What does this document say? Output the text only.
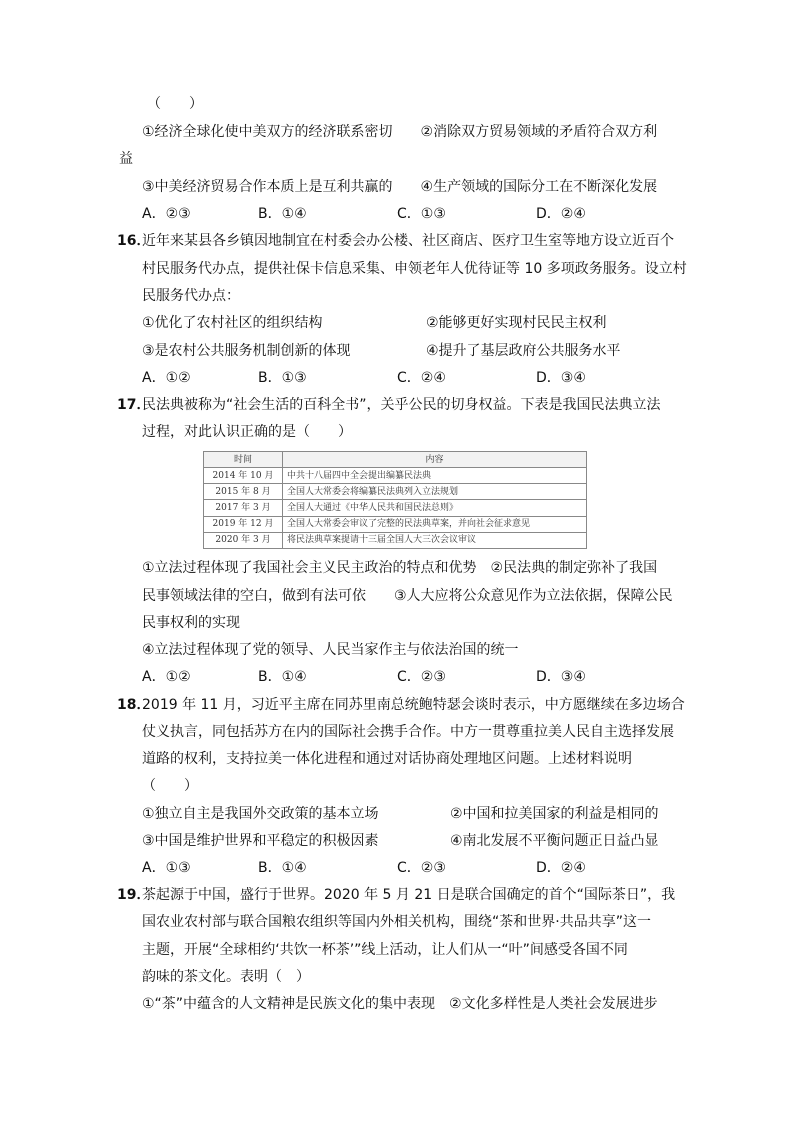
（　　）
①经济全球化使中美双方的经济联系密切　　②消除双方贸易领域的矛盾符合双方利
益
③中美经济贸易合作本质上是互利共赢的　　④生产领域的国际分工在不断深化发展
A．②③	B．①④	C．①③	D．②④
16．
近年来某县各乡镇因地制宜在村委会办公楼、社区商店、医疗卫生室等地方设立近百个
村民服务代办点，提供社保卡信息采集、申领老年人优待证等 10 多项政务服务。设立村
民服务代办点：
①优化了农村社区的组织结构	②能够更好实现村民民主权利
③是农村公共服务机制创新的体现	④提升了基层政府公共服务水平
A．①②	B．①③	C．②④	D．③④
17．
民法典被称为“社会生活的百科全书”，关乎公民的切身权益。下表是我国民法典立法
过程，对此认识正确的是（　　）
时间	内容
2014 年 10 月	中共十八届四中全会提出编纂民法典
2015 年 8 月	全国人大常委会将编纂民法典列入立法规划
2017 年 3 月	全国人大通过《中华人民共和国民法总则》
2019 年 12 月	全国人大常委会审议了完整的民法典草案，并向社会征求意见
2020 年 3 月	将民法典草案提请十三届全国人大三次会议审议
①立法过程体现了我国社会主义民主政治的特点和优势　②民法典的制定弥补了我国
民事领域法律的空白，做到有法可依　　③人大应将公众意见作为立法依据，保障公民
民事权利的实现
④立法过程体现了党的领导、人民当家作主与依法治国的统一
A．①②	B．①④	C．②③	D．③④
18．
2019 年 11 月，习近平主席在同苏里南总统鲍特瑟会谈时表示，中方愿继续在多边场合
仗义执言，同包括苏方在内的国际社会携手合作。中方一贯尊重拉美人民自主选择发展
道路的权利，支持拉美一体化进程和通过对话协商处理地区问题。上述材料说明
（　　）
①独立自主是我国外交政策的基本立场	②中国和拉美国家的利益是相同的
③中国是维护世界和平稳定的积极因素	④南北发展不平衡问题正日益凸显
A．①③	B．①④	C．②③	D．②④
19．
茶起源于中国，盛行于世界。2020 年 5 月 21 日是联合国确定的首个“国际茶日”，我
国农业农村部与联合国粮农组织等国内外相关机构，围绕“茶和世界·共品共享”这一
主题，开展“全球相约‘共饮一杯茶’”线上活动，让人们从一“叶”间感受各国不同
韵味的茶文化。表明（　）
①“茶”中蕴含的人文精神是民族文化的集中表现　②文化多样性是人类社会发展进步
